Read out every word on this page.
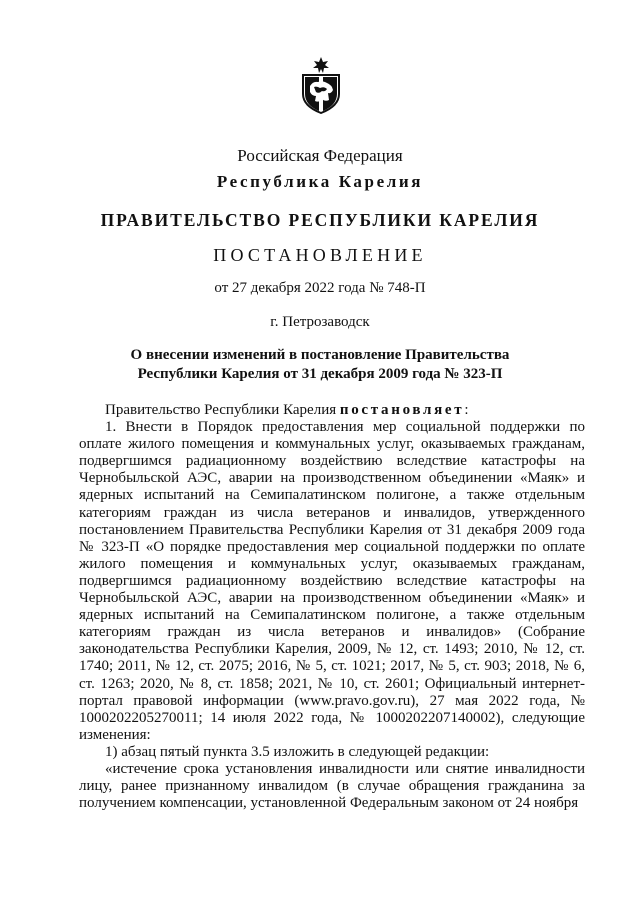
Российская Федерация
Республика Карелия
ПРАВИТЕЛЬСТВО РЕСПУБЛИКИ КАРЕЛИЯ
ПОСТАНОВЛЕНИЕ
от 27 декабря 2022 года № 748-П
г. Петрозаводск
О внесении изменений в постановление Правительства
Республики Карелия от 31 декабря 2009 года № 323-П

Правительство Республики Карелия постановляет:

1. Внести в Порядок предоставления мер социальной поддержки по оплате жилого помещения и коммунальных услуг, оказываемых гражданам, подвергшимся радиационному воздействию вследствие катастрофы на Чернобыльской АЭС, аварии на производственном объединении «Маяк» и ядерных испытаний на Семипалатинском полигоне, а также отдельным категориям граждан из числа ветеранов и инвалидов, утвержденного постановлением Правительства Республики Карелия от 31 декабря 2009 года № 323-П «О порядке предоставления мер социальной поддержки по оплате жилого помещения и коммунальных услуг, оказываемых гражданам, подвергшимся радиационному воздействию вследствие катастрофы на Чернобыльской АЭС, аварии на производственном объединении «Маяк» и ядерных испытаний на Семипалатинском полигоне, а также отдельным категориям граждан из числа ветеранов и инвалидов» (Собрание законодательства Республики Карелия, 2009, № 12, ст. 1493; 2010, № 12, ст. 1740; 2011, № 12, ст. 2075; 2016, № 5, ст. 1021; 2017, № 5, ст. 903; 2018, № 6, ст. 1263; 2020, № 8, ст. 1858; 2021, № 10, ст. 2601; Официальный интернет-портал правовой информации (www.pravo.gov.ru), 27 мая 2022 года, № 1000202205270011; 14 июля 2022 года, № 1000202207140002), следующие изменения:

1) абзац пятый пункта 3.5 изложить в следующей редакции:

«истечение срока установления инвалидности или снятие инвалидности лицу, ранее признанному инвалидом (в случае обращения гражданина за получением компенсации, установленной Федеральным законом от 24 ноября
